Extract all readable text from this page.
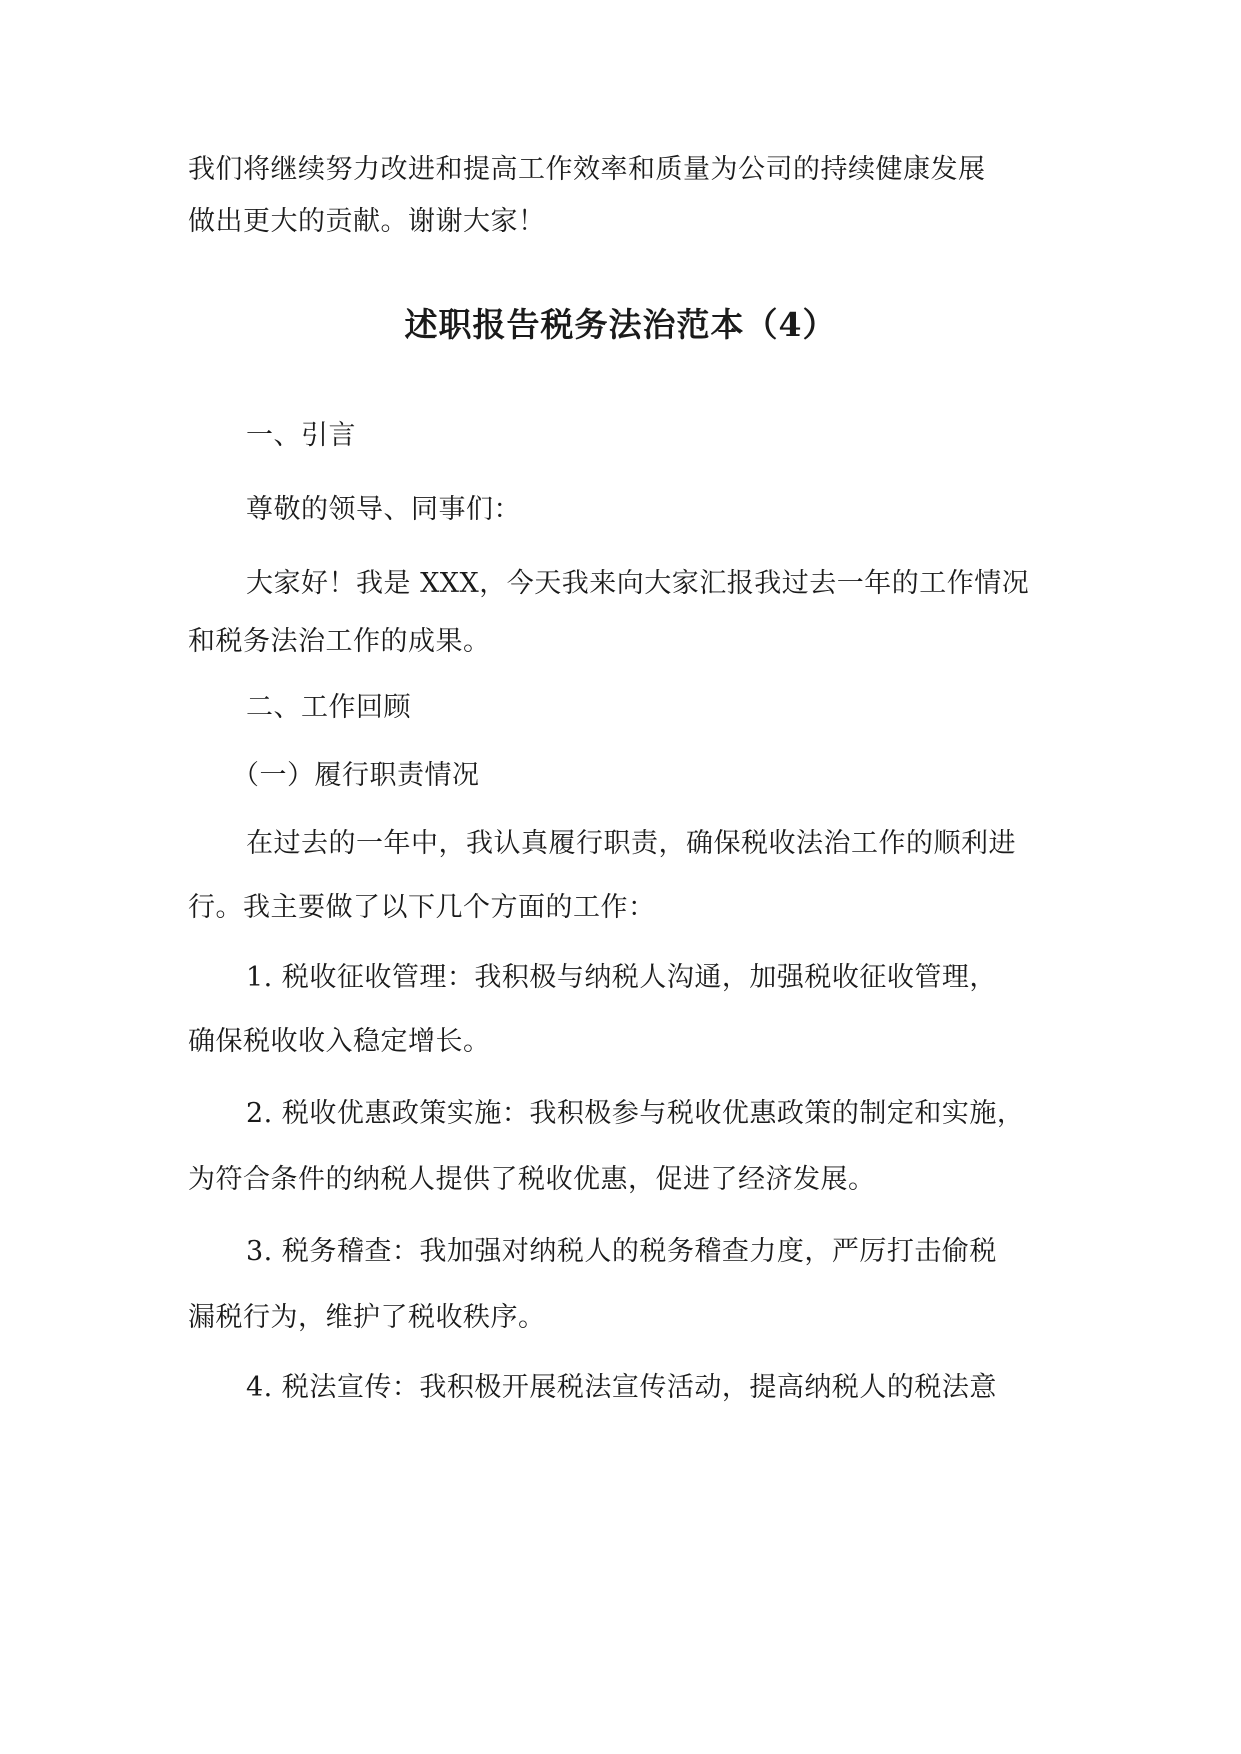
我们将继续努力改进和提高工作效率和质量为公司的持续健康发展
做出更大的贡献。谢谢大家！
述职报告税务法治范本（4）
一、引言
尊敬的领导、同事们：
大家好！我是 XXX，今天我来向大家汇报我过去一年的工作情况
和税务法治工作的成果。
二、工作回顾
（一）履行职责情况
在过去的一年中，我认真履行职责，确保税收法治工作的顺利进
行。我主要做了以下几个方面的工作：
1. 税收征收管理：我积极与纳税人沟通，加强税收征收管理，
确保税收收入稳定增长。
2. 税收优惠政策实施：我积极参与税收优惠政策的制定和实施，
为符合条件的纳税人提供了税收优惠，促进了经济发展。
3. 税务稽查：我加强对纳税人的税务稽查力度，严厉打击偷税
漏税行为，维护了税收秩序。
4. 税法宣传：我积极开展税法宣传活动，提高纳税人的税法意
